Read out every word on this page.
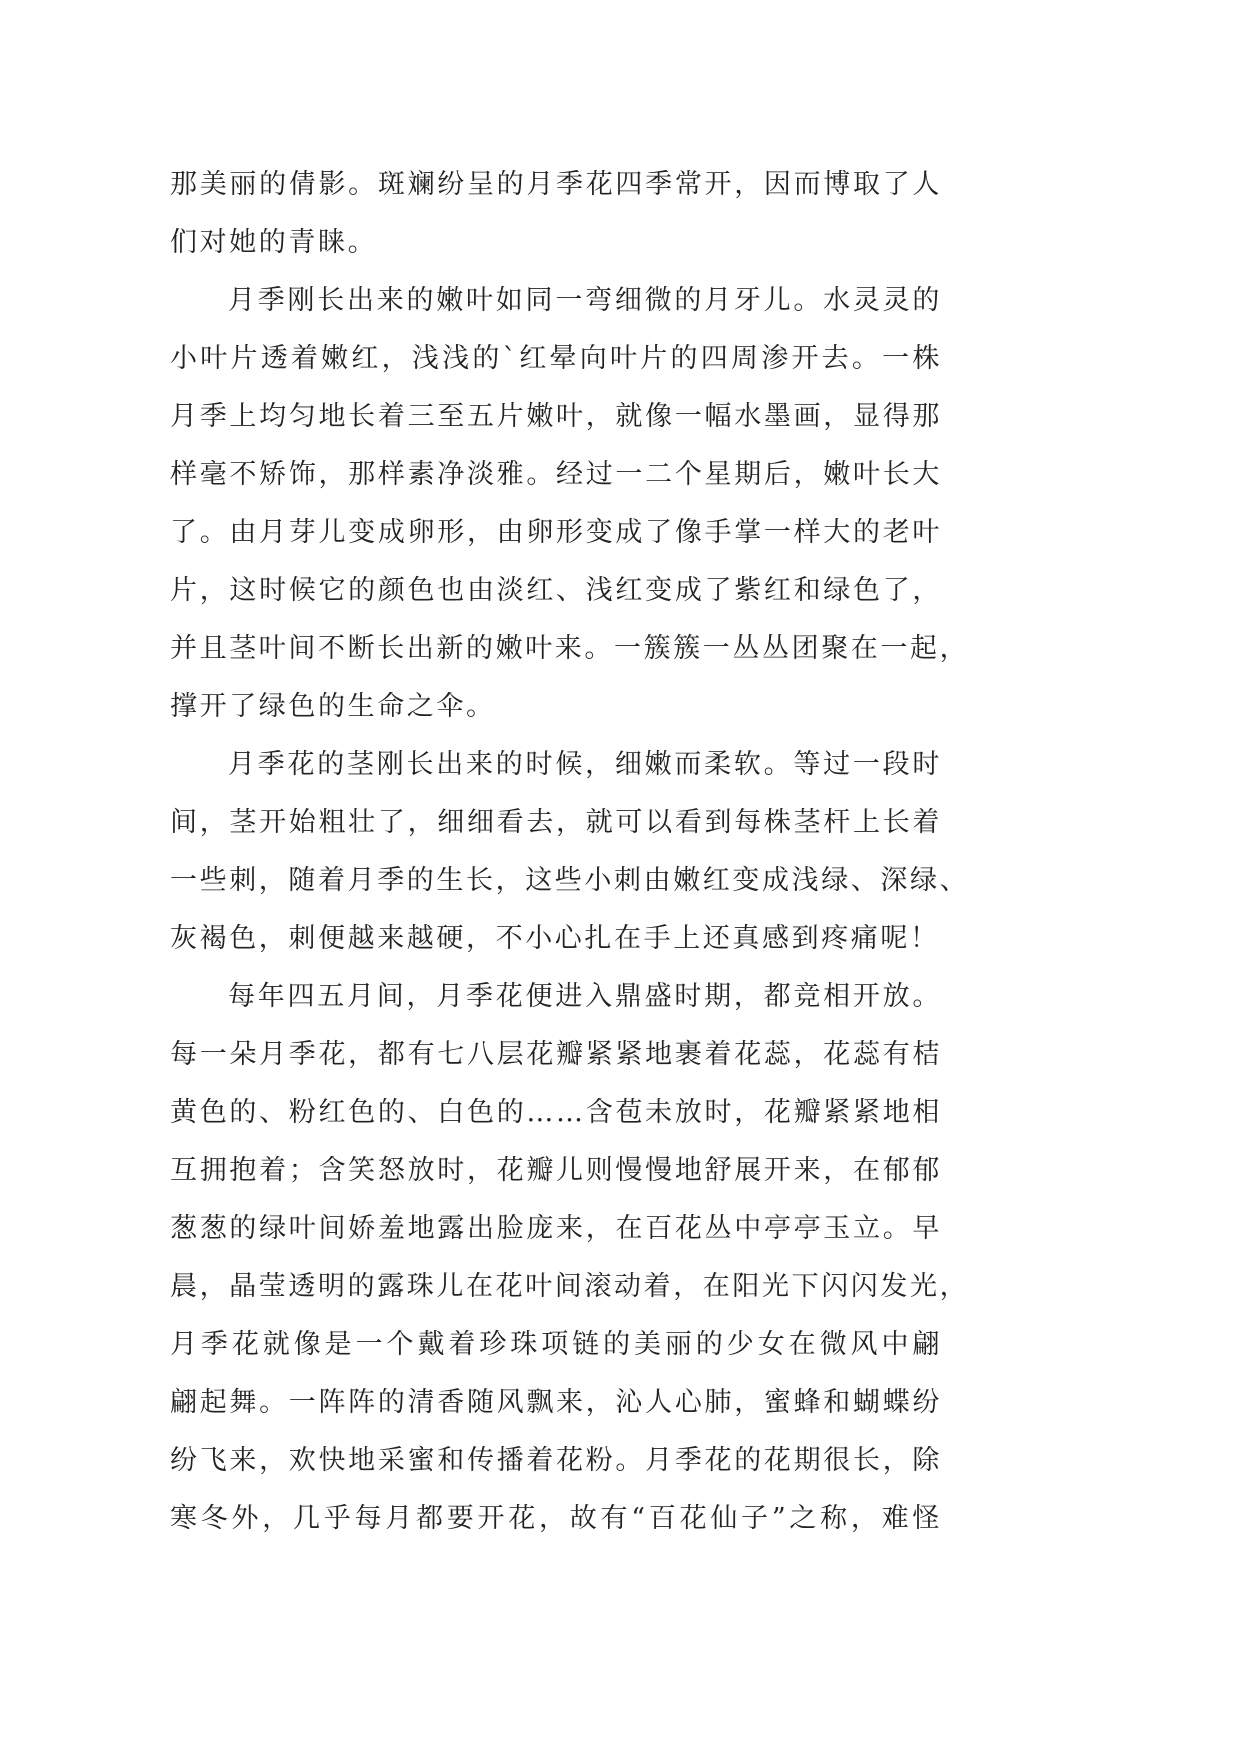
那美丽的倩影。斑斓纷呈的月季花四季常开，因而博取了人
们对她的青睐。
月季刚长出来的嫩叶如同一弯细微的月牙儿。水灵灵的
小叶片透着嫩红，浅浅的`红晕向叶片的四周渗开去。一株
月季上均匀地长着三至五片嫩叶，就像一幅水墨画，显得那
样毫不矫饰，那样素净淡雅。经过一二个星期后，嫩叶长大
了。由月芽儿变成卵形，由卵形变成了像手掌一样大的老叶
片，这时候它的颜色也由淡红、浅红变成了紫红和绿色了，
并且茎叶间不断长出新的嫩叶来。一簇簇一丛丛团聚在一起，
撑开了绿色的生命之伞。
月季花的茎刚长出来的时候，细嫩而柔软。等过一段时
间，茎开始粗壮了，细细看去，就可以看到每株茎杆上长着
一些刺，随着月季的生长，这些小刺由嫩红变成浅绿、深绿、
灰褐色，刺便越来越硬，不小心扎在手上还真感到疼痛呢！
每年四五月间，月季花便进入鼎盛时期，都竞相开放。
每一朵月季花，都有七八层花瓣紧紧地裹着花蕊，花蕊有桔
黄色的、粉红色的、白色的……含苞未放时，花瓣紧紧地相
互拥抱着；含笑怒放时，花瓣儿则慢慢地舒展开来，在郁郁
葱葱的绿叶间娇羞地露出脸庞来，在百花丛中亭亭玉立。早
晨，晶莹透明的露珠儿在花叶间滚动着，在阳光下闪闪发光，
月季花就像是一个戴着珍珠项链的美丽的少女在微风中翩
翩起舞。一阵阵的清香随风飘来，沁人心肺，蜜蜂和蝴蝶纷
纷飞来，欢快地采蜜和传播着花粉。月季花的花期很长，除
寒冬外，几乎每月都要开花，故有“百花仙子”之称，难怪
